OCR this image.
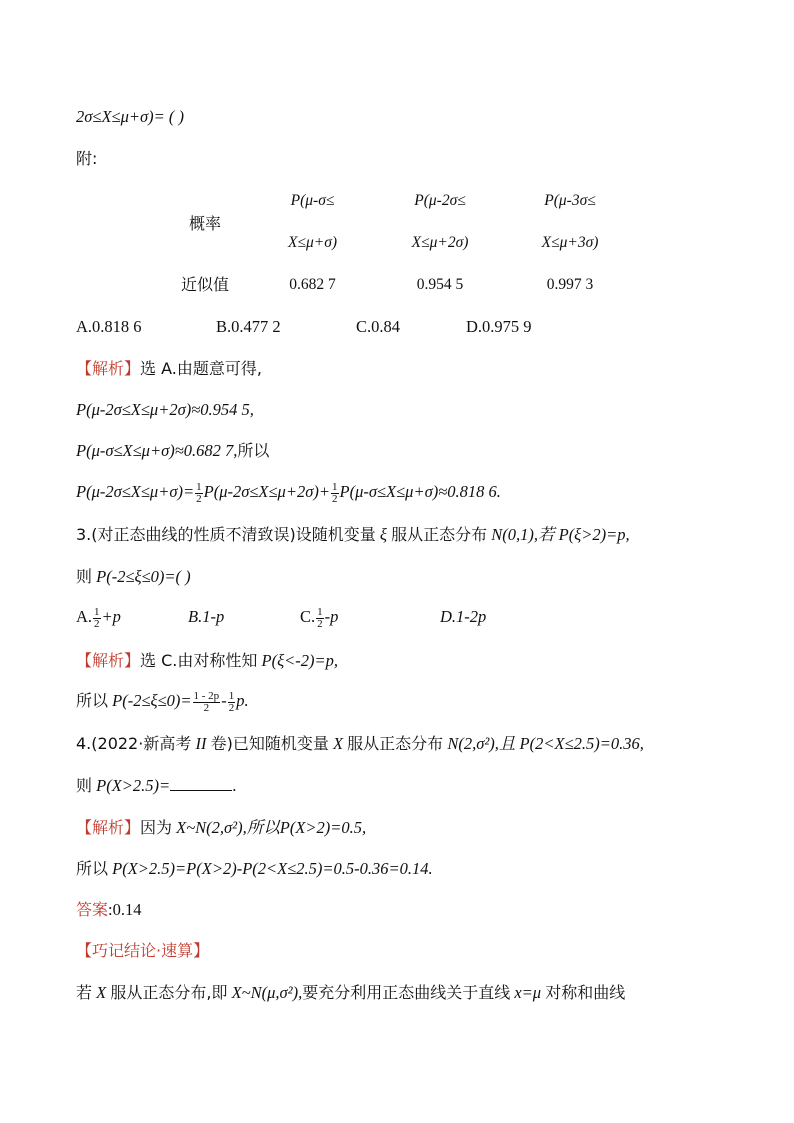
2σ≤X≤μ+σ)= ( )
附:
概率	P(μ-σ≤	P(μ-2σ≤	P(μ-3σ≤
	X≤μ+σ)	X≤μ+2σ)	X≤μ+3σ)
近似值	0.682 7	0.954 5	0.997 3
A.0.818 6	B.0.477 2	C.0.84	D.0.975 9
【解析】选 A.由题意可得,
P(μ-2σ≤X≤μ+2σ)≈0.954 5,
P(μ-σ≤X≤μ+σ)≈0.682 7,所以
$P(\mu-2\sigma\le X\le\mu+\sigma)= \frac{1}{2} P(\mu-2\sigma\le X\le\mu+2\sigma)+ \frac{1}{2} P(\mu-\sigma\le X\le\mu+\sigma)\approx 0.818$ 6.
3.(对正态曲线的性质不清致误)设随机变量 ξ 服从正态分布 N(0,1),若 P(ξ>2)=p,
则 P(-2≤ξ≤0)=( )
A. $\frac{1}{2} +p$	B.1-p	C. $\frac{1}{2} -p$	D.1-2p
【解析】选 C.由对称性知 P(ξ<-2)=p,
所以 $P(-2\le\xi\le 0)= \frac{1 - 2p}{2} - \frac{1}{2} p$.
4.(2022·新高考 II 卷)已知随机变量 X 服从正态分布 N(2,σ²),且 P(2<X≤2.5)=0.36,
则 P(X>2.5)=	.
【解析】因为 X~N(2,σ²),所以P(X>2)=0.5,
所以 P(X>2.5)=P(X>2)-P(2<X≤2.5)=0.5-0.36=0.14.
答案:0.14
【巧记结论·速算】
若 X 服从正态分布,即 X~N(μ,σ²),要充分利用正态曲线关于直线 x=μ 对称和曲线
